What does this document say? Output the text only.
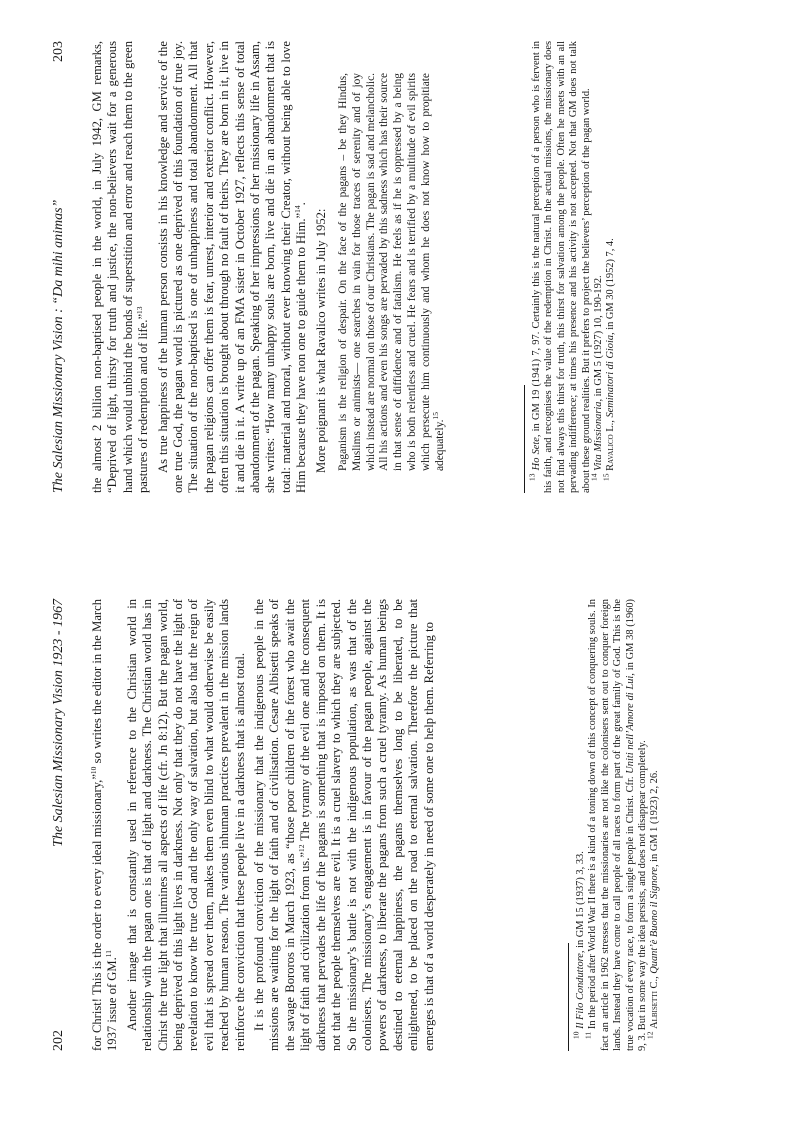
202
The Salesian Missionary Vision 1923 - 1967

for Christ! This is the order to every ideal missionary,”$^{10}$ so writes the editor in the March 1937 issue of GM.$^{11}$ Another image that is constantly used in reference to the Christian world in relationship with the pagan one is that of light and darkness. The Christian world has in Christ the true light that illumines all aspects of life (cfr. Jn 8:12). But the pagan world, being deprived of this light lives in darkness. Not only that they do not have the light of revelation to know the true God and the only way of salvation, but also that the reign of evil that is spread over them, makes them even blind to what would otherwise be easily reached by human reason. The various inhuman practices prevalent in the mission lands reinforce the conviction that these people live in a darkness that is almost total. It is the profound conviction of the missionary that the indigenous people in the missions are waiting for the light of faith and of civilisation. Cesare Albisetti speaks of the savage Bororos in March 1923, as “those poor children of the forest who await the light of faith and civilization from us.”$^{12}$ The tyranny of the evil one and the consequent darkness that pervades the life of the pagans is something that is imposed on them. It is not that the people themselves are evil. It is a cruel slavery to which they are subjected. So the missionary’s battle is not with the indigenous population, as was that of the colonisers. The missionary’s engagement is in favour of the pagan people, against the powers of darkness, to liberate the pagans from such a cruel tyranny. As human beings destined to eternal happiness, the pagans themselves long to be liberated, to be enlightened, to be placed on the road to eternal salvation. Therefore the picture that emerges is that of a world desperately in need of some one to help them. Referring to	$^{10}$ Il Filo Conduttore, in GM 15 (1937) 3, 33.

$^{11}$ In the period after World War II there is a kind of a toning down of this concept of conquering souls. In fact an article in 1962 stresses that the missionaries are not like the colonisers sent out to conquer foreign lands. Instead they have come to call people of all races to form part of the great family of God. This is the true vocation of every race, to form a single people in Christ. Cfr. Uniti nell’Amore di Lui, in GM 38 (1960) 9, 3. But in some way the idea persists, and does not disappear completely.

$^{12}$ Albisetti C., Quant’è Buono il Signore, in GM 1 (1923) 2, 26.

The Salesian Missionary Vision : “Da mihi animas”
203	the almost 2 billion non-baptised people in the world, in July 1942, GM remarks, “Deprived of light, thirsty for truth and justice, the non-believers wait for a generous hand which would unbind the bonds of superstition and error and reach them to the green pastures of redemption and of life.”$^{13}$ As true happiness of the human person consists in his knowledge and service of the one true God, the pagan world is pictured as one deprived of this foundation of true joy. The situation of the non-baptised is one of unhappiness and total abandonment. All that the pagan religions can offer them is fear, unrest, interior and exterior conflict. However, often this situation is brought about through no fault of theirs. They are born in it, live in it and die in it. A write up of an FMA sister in October 1927, reflects this sense of total abandonment of the pagan. Speaking of her impressions of her missionary life in Assam, she writes: “How many unhappy souls are born, live and die in an abandonment that is total: material and moral, without ever knowing their Creator, without being able to love Him because they have non one to guide them to Him.”$^{14}$.

More poignant is what Ravalico writes in July 1952: Paganism is the religion of despair. On the face of the pagans – be they Hindus, Muslims or animists— one searches in vain for those traces of serenity and of joy which instead are normal on those of our Christians. The pagan is sad and melancholic. All his actions and even his songs are pervaded by this sadness which has their source in that sense of diffidence and of fatalism. He feels as if he is oppressed by a being who is both relentless and cruel. He fears and is terrified by a multitude of evil spirits which persecute him continuously and whom he does not know how to propitiate adequately.$^{15}$

$^{13}$ Ho Sete, in GM 19 (1941) 7, 97. Certainly this is the natural perception of a person who is fervent in his faith, and recognises the value of the redemption in Christ. In the actual missions, the missionary does not find always this thirst for truth, this thirst for salvation among the people. Often he meets with an all pervading indifference; at times his presence and his activity is not accepted. Not that GM does not talk about these ground realities. But it prefers to project the believers’ perception of the pagan world.

$^{14}$ Vita Missionaria, in GM 5 (1927) 10, 190-192.

$^{15}$ Ravalico L., Seminatori di Gioia, in GM 30 (1952) 7, 4.
